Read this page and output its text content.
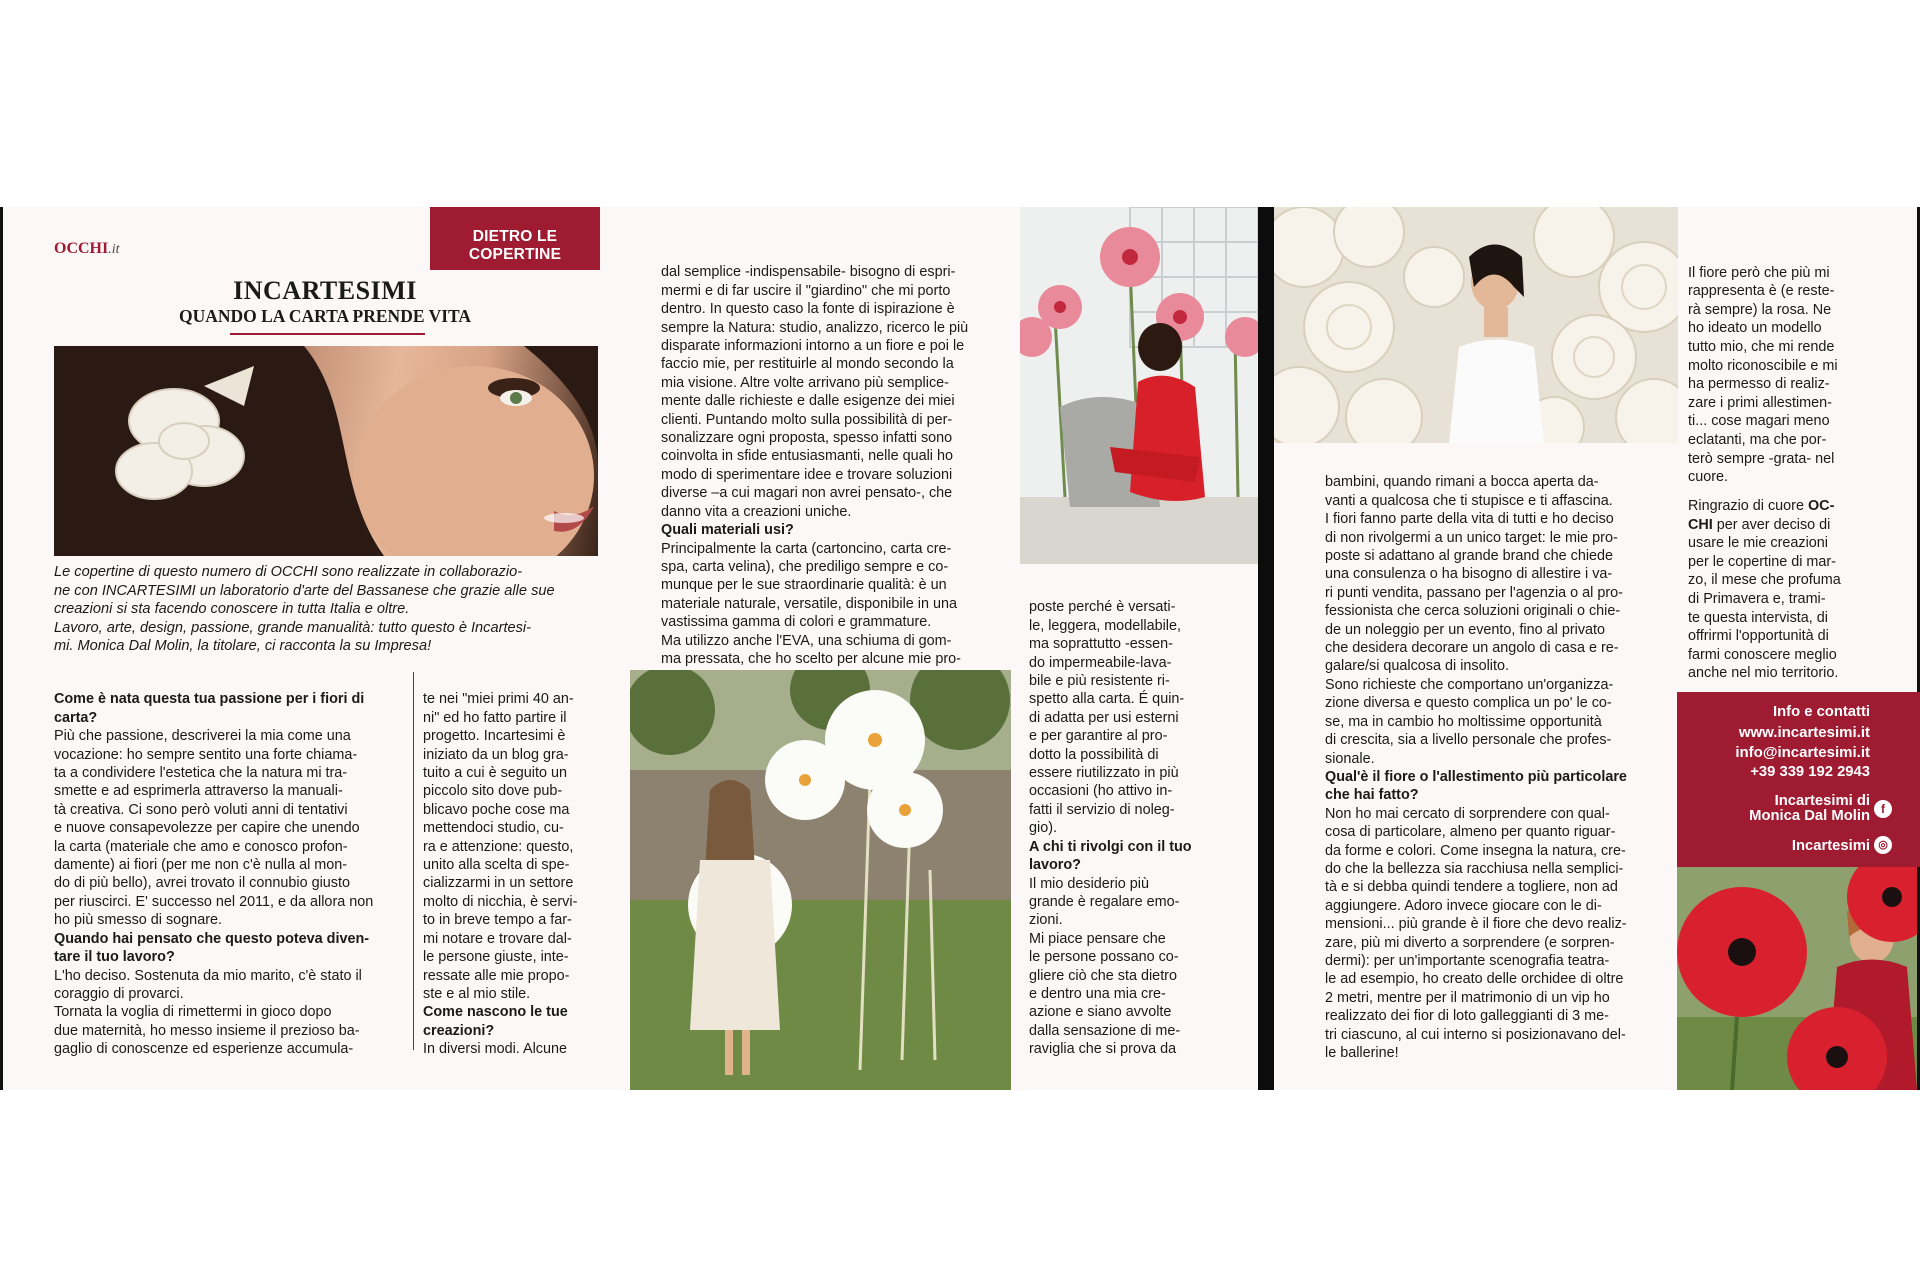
OCCHI.it
DIETRO LE COPERTINE
INCARTESIMI
QUANDO LA CARTA PRENDE VITA
Le copertine di questo numero di OCCHI sono realizzate in collaborazio-
ne con INCARTESIMI un laboratorio d'arte del Bassanese che grazie alle sue
creazioni si sta facendo conoscere in tutta Italia e oltre.
Lavoro, arte, design, passione, grande manualità: tutto questo è Incartesi-
mi. Monica Dal Molin, la titolare, ci racconta la su Impresa!

Come è nata questa tua passione per i fiori di
carta?
Più che passione, descriverei la mia come una
vocazione: ho sempre sentito una forte chiama-
ta a condividere l'estetica che la natura mi tra-
smette e ad esprimerla attraverso la manuali-
tà creativa. Ci sono però voluti anni di tentativi
e nuove consapevolezze per capire che unendo
la carta (materiale che amo e conosco profon-
damente) ai fiori (per me non c'è nulla al mon-
do di più bello), avrei trovato il connubio giusto
per riuscirci. E' successo nel 2011, e da allora non
ho più smesso di sognare.
Quando hai pensato che questo poteva diven-
tare il tuo lavoro?
L'ho deciso. Sostenuta da mio marito, c'è stato il
coraggio di provarci.
Tornata la voglia di rimettermi in gioco dopo
due maternità, ho messo insieme il prezioso ba-
gaglio di conoscenze ed esperienze accumula-

te nei "miei primi 40 an-
ni" ed ho fatto partire il
progetto. Incartesimi è
iniziato da un blog gra-
tuito a cui è seguito un
piccolo sito dove pub-
blicavo poche cose ma
mettendoci studio, cu-
ra e attenzione: questo,
unito alla scelta di spe-
cializzarmi in un settore
molto di nicchia, è servi-
to in breve tempo a far-
mi notare e trovare dal-
le persone giuste, inte-
ressate alle mie propo-
ste e al mio stile.
Come nascono le tue
creazioni?
In diversi modi. Alcune

dal semplice -indispensabile- bisogno di espri-
mermi e di far uscire il "giardino" che mi porto
dentro. In questo caso la fonte di ispirazione è
sempre la Natura: studio, analizzo, ricerco le più
disparate informazioni intorno a un fiore e poi le
faccio mie, per restituirle al mondo secondo la
mia visione. Altre volte arrivano più semplice-
mente dalle richieste e dalle esigenze dei miei
clienti. Puntando molto sulla possibilità di per-
sonalizzare ogni proposta, spesso infatti sono
coinvolta in sfide entusiasmanti, nelle quali ho
modo di sperimentare idee e trovare soluzioni
diverse –a cui magari non avrei pensato-, che
danno vita a creazioni uniche.
Quali materiali usi?
Principalmente la carta (cartoncino, carta cre-
spa, carta velina), che prediligo sempre e co-
munque per le sue straordinarie qualità: è un
materiale naturale, versatile, disponibile in una
vastissima gamma di colori e grammature.
Ma utilizzo anche l'EVA, una schiuma di gom-
ma pressata, che ho scelto per alcune mie pro-

poste perché è versati-
le, leggera, modellabile,
ma soprattutto -essen-
do impermeabile-lava-
bile e più resistente ri-
spetto alla carta. É quin-
di adatta per usi esterni
e per garantire al pro-
dotto la possibilità di
essere riutilizzato in più
occasioni (ho attivo in-
fatti il servizio di noleg-
gio).
A chi ti rivolgi con il tuo
lavoro?
Il mio desiderio più
grande è regalare emo-
zioni.
Mi piace pensare che
le persone possano co-
gliere ciò che sta dietro
e dentro una mia cre-
azione e siano avvolte
dalla sensazione di me-
raviglia che si prova da

bambini, quando rimani a bocca aperta da-
vanti a qualcosa che ti stupisce e ti affascina.
I fiori fanno parte della vita di tutti e ho deciso
di non rivolgermi a un unico target: le mie pro-
poste si adattano al grande brand che chiede
una consulenza o ha bisogno di allestire i va-
ri punti vendita, passano per l'agenzia o al pro-
fessionista che cerca soluzioni originali o chie-
de un noleggio per un evento, fino al privato
che desidera decorare un angolo di casa e re-
galare/si qualcosa di insolito.
Sono richieste che comportano un'organizza-
zione diversa e questo complica un po' le co-
se, ma in cambio ho moltissime opportunità
di crescita, sia a livello personale che profes-
sionale.
Qual'è il fiore o l'allestimento più particolare
che hai fatto?
Non ho mai cercato di sorprendere con qual-
cosa di particolare, almeno per quanto riguar-
da forme e colori. Come insegna la natura, cre-
do che la bellezza sia racchiusa nella semplici-
tà e si debba quindi tendere a togliere, non ad
aggiungere. Adoro invece giocare con le di-
mensioni... più grande è il fiore che devo realiz-
zare, più mi diverto a sorprendere (e sorpren-
dermi): per un'importante scenografia teatra-
le ad esempio, ho creato delle orchidee di oltre
2 metri, mentre per il matrimonio di un vip ho
realizzato dei fior di loto galleggianti di 3 me-
tri ciascuno, al cui interno si posizionavano del-
le ballerine!

Il fiore però che più mi
rappresenta è (e reste-
rà sempre) la rosa. Ne
ho ideato un modello
tutto mio, che mi rende
molto riconoscibile e mi
ha permesso di realiz-
zare i primi allestimen-
ti... cose magari meno
eclatanti, ma che por-
terò sempre -grata- nel
cuore.

Ringrazio di cuore OC-
CHI per aver deciso di
usare le mie creazioni
per le copertine di mar-
zo, il mese che profuma
di Primavera e, trami-
te questa intervista, di
offrirmi l'opportunità di
farmi conoscere meglio
anche nel mio territorio.
Info e contatti
www.incartesimi.it
info@incartesimi.it
+39 339 192 2943
Incartesimi di
Monica Dal Molin f
Incartesimi ◎
